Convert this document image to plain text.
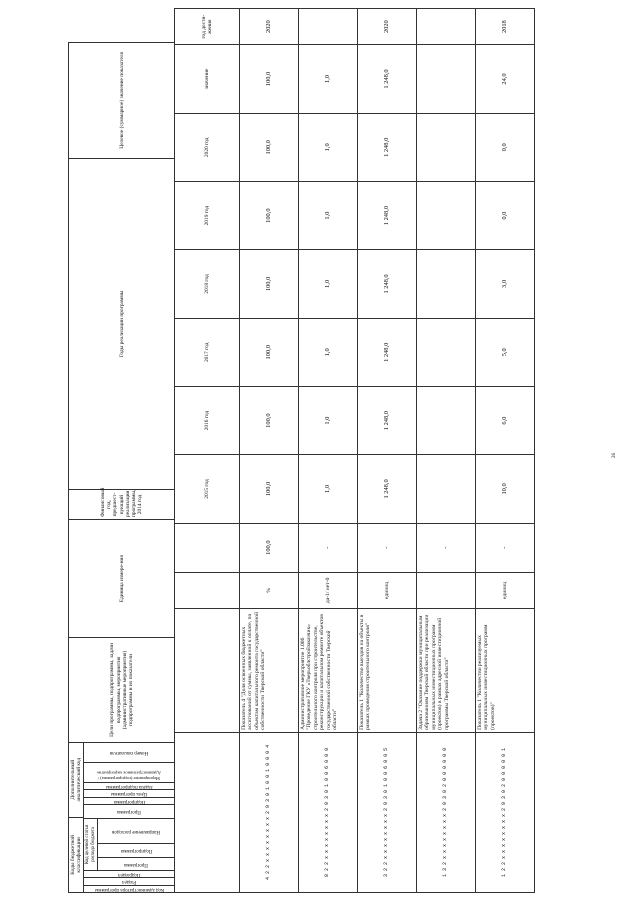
26
Коды бюджетной классификации
Дополнительный аналитический код
Код администратора программы
Раздел
Подраздел
Код целевой статьи расхода бюджета
Программа
Подпрограмма
Направление расходов
Программа
Подпрограмма
Цель программы
Задача подпрограммы
Мероприятие (подпрограммы) / Административное мероприятие
Номер показателя
	Цели программы, подпрограммы, задачи подпрограммы, мероприятия (административные мероприятия) подпрограммы и их показатели	Единица измере-ния	Финансовый год, предшест-вующий реализации программы, 2014 год	Годы реализации программы	Целевое (суммарное) значение показателя
				2015 год	2016 год	2017 год	2018 год	2019 год	2020 год	значение	год дости-жения
4 2 2 х х х х х х х х 2 9 3 0 1 0 0 1 0 0 0 4	Показатель 4 "Доля освоенных бюджетных ассигнований от суммы, заявленной к оплате, по объектам капитального ремонта государственной собственности Тверской области"	%	100,0	100,0	100,0	100,0	100,0	100,0	100,0	100,0	2020
8 2 2 х х х х х х х х 2 9 3 0 1 0 0 6 0 0 0	Административное мероприятие 1.006 "Проведение ГКУ «Тверьоблстройзаказчик» строительного контроля при строительстве, реконструкции и капитальном ремонте объектов государственной собственности Тверской области"	да-1/ нет-0	-	1,0	1,0	1,0	1,0	1,0	1,0	1,0	
3 2 2 х х х х х х х х 2 9 3 0 1 0 0 6 0 0 5	Показатель 1 "Количество выездов на объекты в рамках проведения строительного контроля"	единиц	-	1 248,0	1 248,0	1 248,0	1 248,0	1 248,0	1 248,0	1 248,0	2020
1 3 2 х х х х х х х х 2 9 3 0 2 0 0 0 0 0 0	Задача 2 "Оказание поддержки муниципальным образованиям Тверской области при реализации муниципальных инвестиционных программ (проектов) в рамках адресной инвестиционной программы Тверской области"		-								
1 2 2 х х х х х х х х 2 9 3 0 2 0 0 0 0 0 1	Показатель 1 "Количество реализуемых муниципальных инвестиционных программ (проектов)"	единиц	-	10,0	6,0	5,0	3,0	0,0	0,0	24,0	2018
